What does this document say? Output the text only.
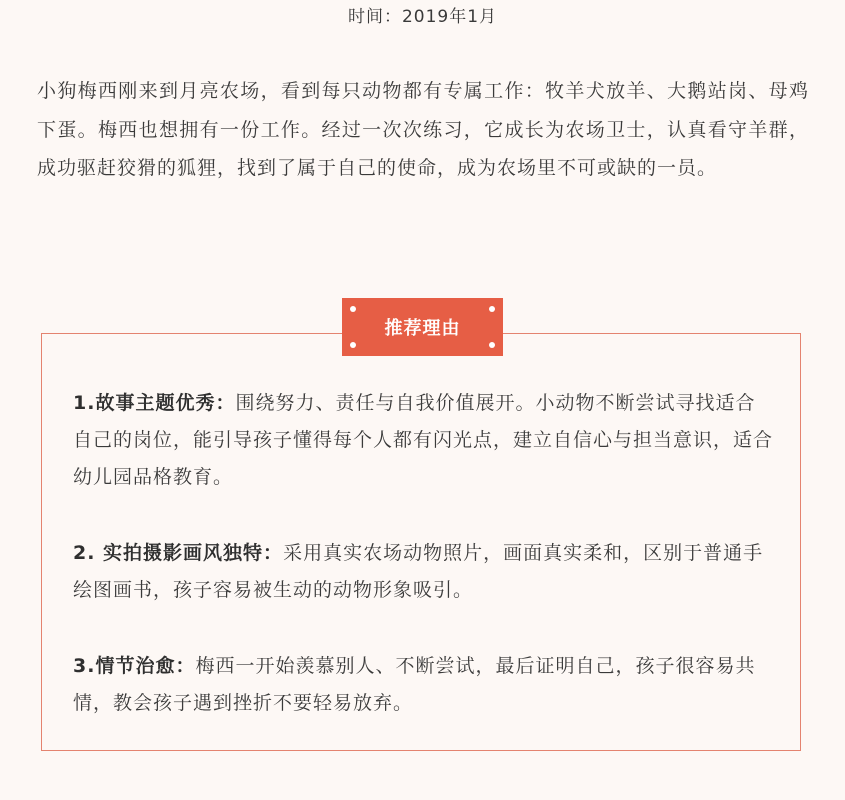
时间：2019年1月

小狗梅西刚来到月亮农场，看到每只动物都有专属工作：牧羊犬放羊、大鹅站岗、母鸡下蛋。梅西也想拥有一份工作。经过一次次练习，它成长为农场卫士，认真看守羊群，成功驱赶狡猾的狐狸，找到了属于自己的使命，成为农场里不可或缺的一员。

推荐理由

1.故事主题优秀：围绕努力、责任与自我价值展开。小动物不断尝试寻找适合自己的岗位，能引导孩子懂得每个人都有闪光点，建立自信心与担当意识，适合幼儿园品格教育。

2. 实拍摄影画风独特：采用真实农场动物照片，画面真实柔和，区别于普通手绘图画书，孩子容易被生动的动物形象吸引。

3.情节治愈：梅西一开始羡慕别人、不断尝试，最后证明自己，孩子很容易共情，教会孩子遇到挫折不要轻易放弃。
